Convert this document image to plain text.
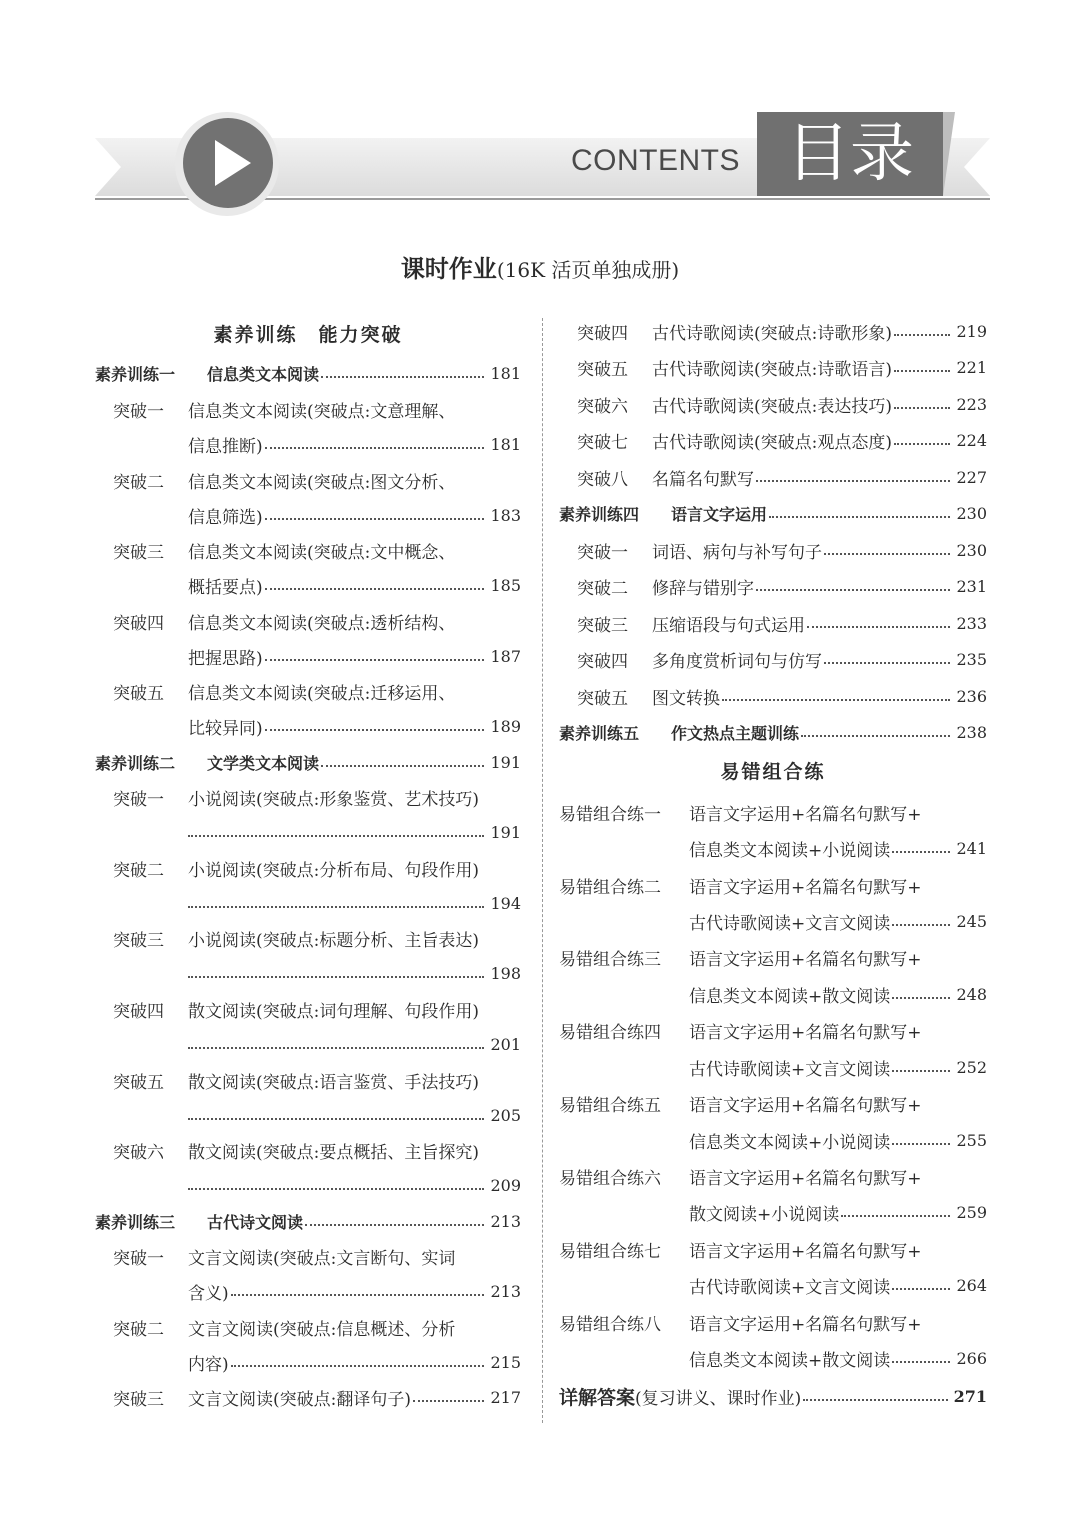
CONTENTS 目录
课时作业(16K 活页单独成册)
素养训练　能力突破
素养训练一	信息类文本阅读	181
突破一	信息类文本阅读(突破点:文意理解、
信息推断)	181
突破二	信息类文本阅读(突破点:图文分析、
信息筛选)	183
突破三	信息类文本阅读(突破点:文中概念、
概括要点)	185
突破四	信息类文本阅读(突破点:透析结构、
把握思路)	187
突破五	信息类文本阅读(突破点:迁移运用、
比较异同)	189
素养训练二	文学类文本阅读	191
突破一	小说阅读(突破点:形象鉴赏、艺术技巧)
191
突破二	小说阅读(突破点:分析布局、句段作用)
194
突破三	小说阅读(突破点:标题分析、主旨表达)
198
突破四	散文阅读(突破点:词句理解、句段作用)
201
突破五	散文阅读(突破点:语言鉴赏、手法技巧)
205
突破六	散文阅读(突破点:要点概括、主旨探究)
209
素养训练三	古代诗文阅读	213
突破一	文言文阅读(突破点:文言断句、实词
含义)	213
突破二	文言文阅读(突破点:信息概述、分析
内容)	215
突破三	文言文阅读(突破点:翻译句子)	217
突破四	古代诗歌阅读(突破点:诗歌形象)	219
突破五	古代诗歌阅读(突破点:诗歌语言)	221
突破六	古代诗歌阅读(突破点:表达技巧)	223
突破七	古代诗歌阅读(突破点:观点态度)	224
突破八	名篇名句默写	227
素养训练四	语言文字运用	230
突破一	词语、病句与补写句子	230
突破二	修辞与错别字	231
突破三	压缩语段与句式运用	233
突破四	多角度赏析词句与仿写	235
突破五	图文转换	236
素养训练五	作文热点主题训练	238
易错组合练
易错组合练一	语言文字运用+名篇名句默写+
信息类文本阅读+小说阅读	241
易错组合练二	语言文字运用+名篇名句默写+
古代诗歌阅读+文言文阅读	245
易错组合练三	语言文字运用+名篇名句默写+
信息类文本阅读+散文阅读	248
易错组合练四	语言文字运用+名篇名句默写+
古代诗歌阅读+文言文阅读	252
易错组合练五	语言文字运用+名篇名句默写+
信息类文本阅读+小说阅读	255
易错组合练六	语言文字运用+名篇名句默写+
散文阅读+小说阅读	259
易错组合练七	语言文字运用+名篇名句默写+
古代诗歌阅读+文言文阅读	264
易错组合练八	语言文字运用+名篇名句默写+
信息类文本阅读+散文阅读	266
详解答案(复习讲义、课时作业)	271
